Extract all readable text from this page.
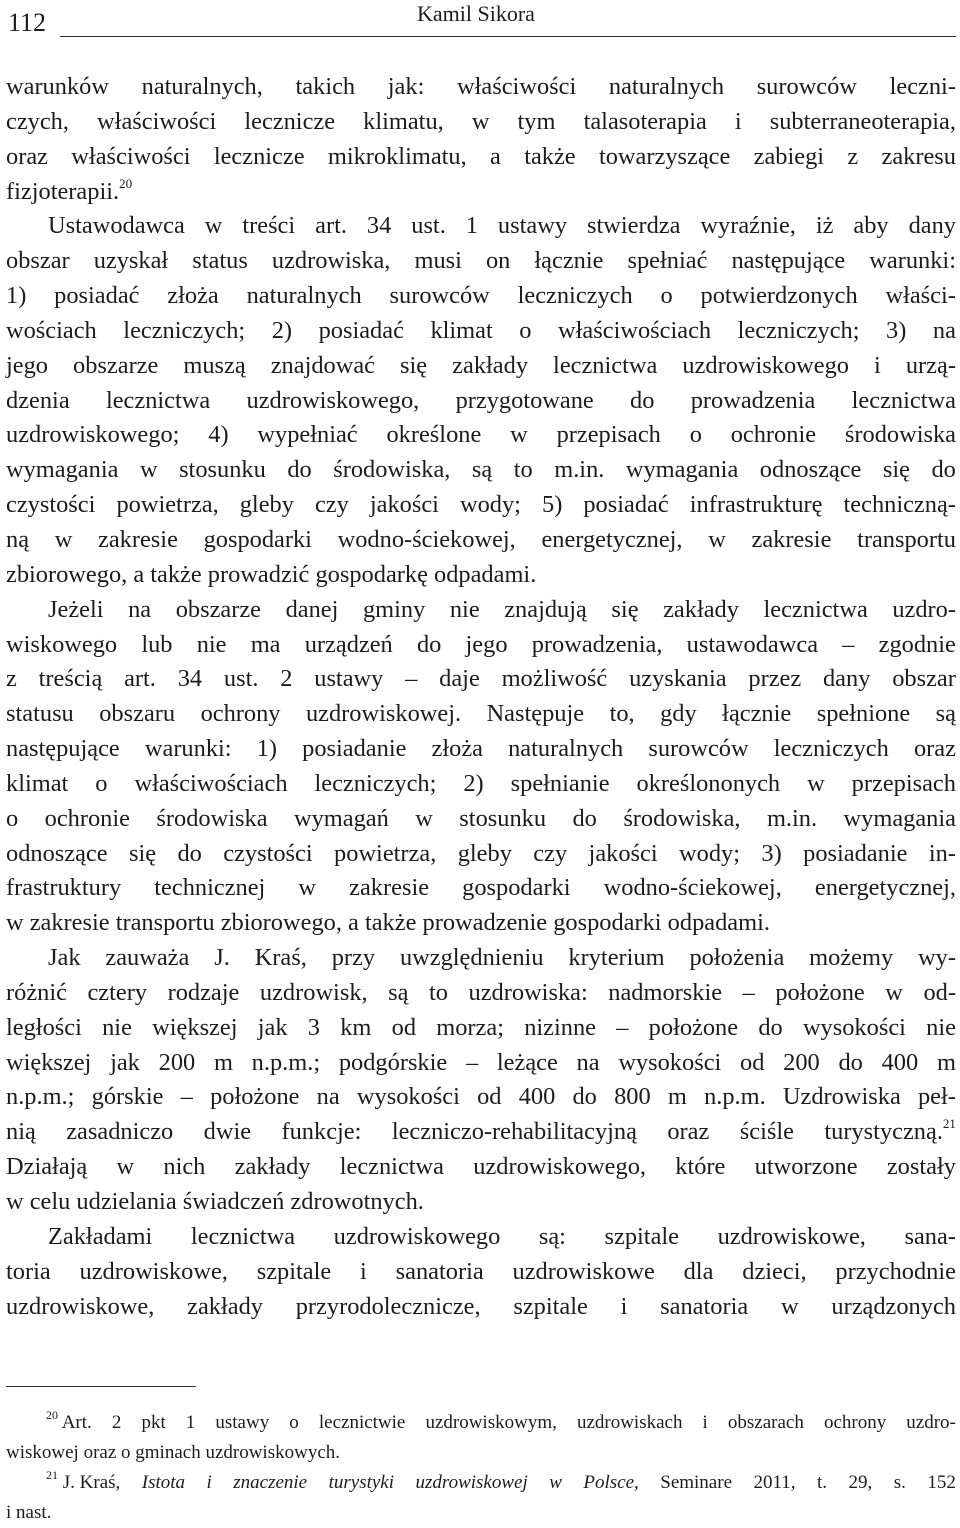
112	Kamil Sikora
warunków naturalnych, takich jak: właściwości naturalnych surowców leczni-
czych, właściwości lecznicze klimatu, w tym talasoterapia i subterraneoterapia,
oraz właściwości lecznicze mikroklimatu, a także towarzyszące zabiegi z zakresu
fizjoterapii.$^{20}$
Ustawodawca w treści art. 34 ust. 1 ustawy stwierdza wyraźnie, iż aby dany
obszar uzyskał status uzdrowiska, musi on łącznie spełniać następujące warunki:
1) posiadać złoża naturalnych surowców leczniczych o potwierdzonych właści-
wościach leczniczych; 2) posiadać klimat o właściwościach leczniczych; 3) na
jego obszarze muszą znajdować się zakłady lecznictwa uzdrowiskowego i urzą-
dzenia lecznictwa uzdrowiskowego, przygotowane do prowadzenia lecznictwa
uzdrowiskowego; 4) wypełniać określone w przepisach o ochronie środowiska
wymagania w stosunku do środowiska, są to m.in. wymagania odnoszące się do
czystości powietrza, gleby czy jakości wody; 5) posiadać infrastrukturę techniczną-
ną w zakresie gospodarki wodno-ściekowej, energetycznej, w zakresie transportu
zbiorowego, a także prowadzić gospodarkę odpadami.
Jeżeli na obszarze danej gminy nie znajdują się zakłady lecznictwa uzdro-
wiskowego lub nie ma urządzeń do jego prowadzenia, ustawodawca – zgodnie
z treścią art. 34 ust. 2 ustawy – daje możliwość uzyskania przez dany obszar
statusu obszaru ochrony uzdrowiskowej. Następuje to, gdy łącznie spełnione są
następujące warunki: 1) posiadanie złoża naturalnych surowców leczniczych oraz
klimat o właściwościach leczniczych; 2) spełnianie określononych w przepisach
o ochronie środowiska wymagań w stosunku do środowiska, m.in. wymagania
odnoszące się do czystości powietrza, gleby czy jakości wody; 3) posiadanie in-
frastruktury technicznej w zakresie gospodarki wodno-ściekowej, energetycznej,
w zakresie transportu zbiorowego, a także prowadzenie gospodarki odpadami.
Jak zauważa J. Kraś, przy uwzględnieniu kryterium położenia możemy wy-
różnić cztery rodzaje uzdrowisk, są to uzdrowiska: nadmorskie – położone w od-
ległości nie większej jak 3 km od morza; nizinne – położone do wysokości nie
większej jak 200 m n.p.m.; podgórskie – leżące na wysokości od 200 do 400 m
n.p.m.; górskie – położone na wysokości od 400 do 800 m n.p.m. Uzdrowiska peł-
nią zasadniczo dwie funkcje: leczniczo-rehabilitacyjną oraz ściśle turystyczną.$^{21}$
Działają w nich zakłady lecznictwa uzdrowiskowego, które utworzone zostały
w celu udzielania świadczeń zdrowotnych.
Zakładami lecznictwa uzdrowiskowego są: szpitale uzdrowiskowe, sana-
toria uzdrowiskowe, szpitale i sanatoria uzdrowiskowe dla dzieci, przychodnie
uzdrowiskowe, zakłady przyrodolecznicze, szpitale i sanatoria w urządzonych
$^{20}$ Art. 2 pkt 1 ustawy o lecznictwie uzdrowiskowym, uzdrowiskach i obszarach ochrony uzdro-
wiskowej oraz o gminach uzdrowiskowych.
$^{21}$ J. Kraś, Istota i znaczenie turystyki uzdrowiskowej w Polsce, Seminare 2011, t. 29, s. 152
i nast.
